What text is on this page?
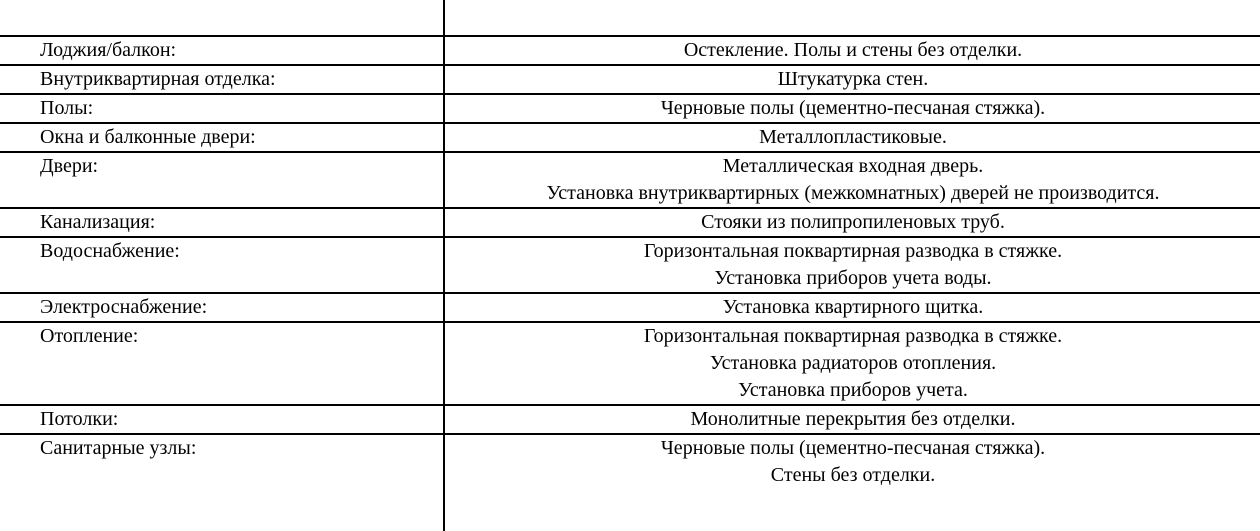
Лоджия/балкон:	Остекление. Полы и стены без отделки.

Внутриквартирная отделка:	Штукатурка стен.

Полы:	Черновые полы (цементно-песчаная стяжка).

Окна и балконные двери:	Металлопластиковые.

Двери:	Металлическая входная дверь.
Установка внутриквартирных (межкомнатных) дверей не производится.

Канализация:	Стояки из полипропиленовых труб.

Водоснабжение:	Горизонтальная поквартирная разводка в стяжке.
Установка приборов учета воды.

Электроснабжение:	Установка квартирного щитка.

Отопление:	Горизонтальная поквартирная разводка в стяжке.
Установка радиаторов отопления.
Установка приборов учета.

Потолки:	Монолитные перекрытия без отделки.

Санитарные узлы:	Черновые полы (цементно-песчаная стяжка).
Стены без отделки.
